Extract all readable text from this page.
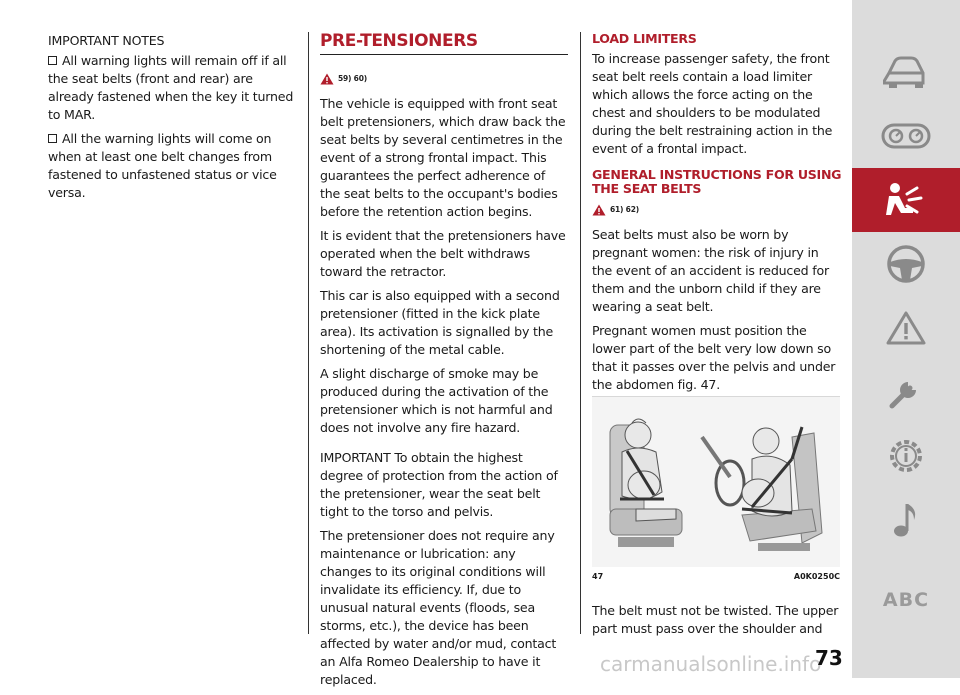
IMPORTANT NOTES

All warning lights will remain off if all the seat belts (front and rear) are already fastened when the key it turned to MAR.

All the warning lights will come on when at least one belt changes from fastened to unfastened status or vice versa.

PRE-TENSIONERS
59) 60)

The vehicle is equipped with front seat belt pretensioners, which draw back the seat belts by several centimetres in the event of a strong frontal impact. This guarantees the perfect adherence of the seat belts to the occupant's bodies before the retention action begins.

It is evident that the pretensioners have operated when the belt withdraws toward the retractor.

This car is also equipped with a second pretensioner (fitted in the kick plate area). Its activation is signalled by the shortening of the metal cable.

A slight discharge of smoke may be produced during the activation of the pretensioner which is not harmful and does not involve any fire hazard.

IMPORTANT To obtain the highest degree of protection from the action of the pretensioner, wear the seat belt tight to the torso and pelvis.

The pretensioner does not require any maintenance or lubrication: any changes to its original conditions will invalidate its efficiency. If, due to unusual natural events (floods, sea storms, etc.), the device has been affected by water and/or mud, contact an Alfa Romeo Dealership to have it replaced.

LOAD LIMITERS

To increase passenger safety, the front seat belt reels contain a load limiter which allows the force acting on the chest and shoulders to be modulated during the belt restraining action in the event of a frontal impact.

GENERAL INSTRUCTIONS FOR USING THE SEAT BELTS
61) 62)

Seat belts must also be worn by pregnant women: the risk of injury in the event of an accident is reduced for them and the unborn child if they are wearing a seat belt.

Pregnant women must position the lower part of the belt very low down so that it passes over the pelvis and under the abdomen fig. 47.

47	A0K0250C
The belt must not be twisted. The upper part must pass over the shoulder and
carmanualsonline.info
73
ABC
